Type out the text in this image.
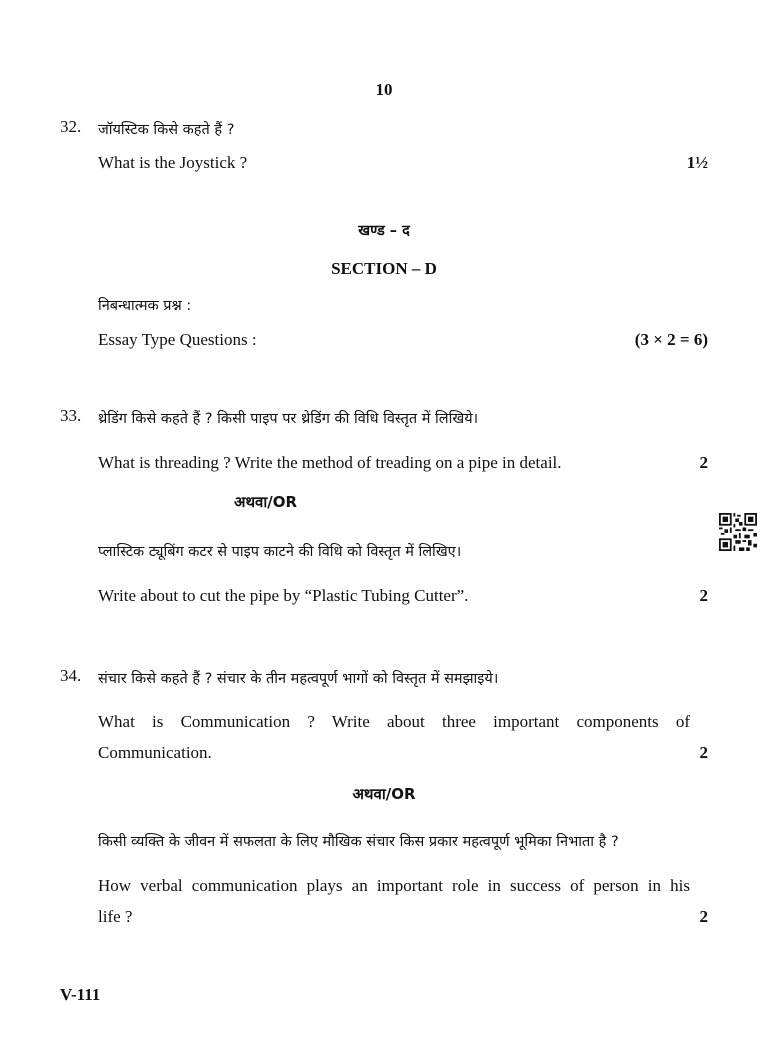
10
32. जॉयस्टिक किसे कहते हैं ?
What is the Joystick ?	1½
खण्ड – द
SECTION – D
निबन्धात्मक प्रश्न :
Essay Type Questions :	(3 × 2 = 6)
33. थ्रेडिंग किसे कहते हैं ? किसी पाइप पर थ्रेडिंग की विधि विस्तृत में लिखिये।
What is threading ? Write the method of treading on a pipe in detail.	2
अथवा/OR
प्लास्टिक ट्यूबिंग कटर से पाइप काटने की विधि को विस्तृत में लिखिए।
Write about to cut the pipe by “Plastic Tubing Cutter”.	2
34. संचार किसे कहते हैं ? संचार के तीन महत्वपूर्ण भागों को विस्तृत में समझाइये।
What is Communication ? Write about three important components of
Communication.	2
अथवा/OR
किसी व्यक्ति के जीवन में सफलता के लिए मौखिक संचार किस प्रकार महत्वपूर्ण भूमिका निभाता है ?
How verbal communication plays an important role in success of person in his
life ?	2
V-111
